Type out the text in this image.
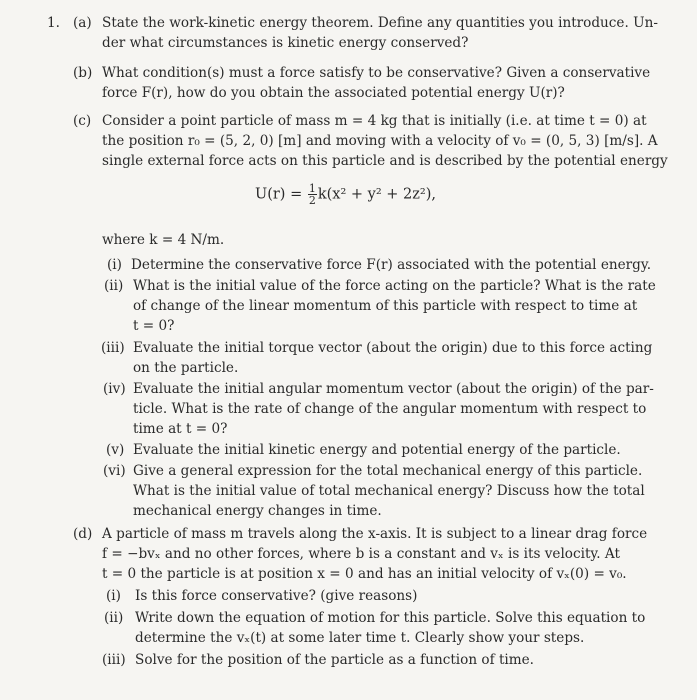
1. (a) State the work-kinetic energy theorem. Define any quantities you introduce. Un-
der what circumstances is kinetic energy conserved?
(b) What condition(s) must a force satisfy to be conservative? Given a conservative
force F(r), how do you obtain the associated potential energy U(r)?
(c) Consider a point particle of mass m = 4 kg that is initially (i.e. at time t = 0) at
the position r₀ = (5, 2, 0) [m] and moving with a velocity of v₀ = (0, 5, 3) [m/s]. A
single external force acts on this particle and is described by the potential energy
$U(r) = \frac{1}{2} k(x^2 + y^2 + 2z^2)$,
where k = 4 N/m.
(i) Determine the conservative force F(r) associated with the potential energy.
(ii) What is the initial value of the force acting on the particle? What is the rate
of change of the linear momentum of this particle with respect to time at
t = 0?
(iii) Evaluate the initial torque vector (about the origin) due to this force acting
on the particle.
(iv) Evaluate the initial angular momentum vector (about the origin) of the par-
ticle. What is the rate of change of the angular momentum with respect to
time at t = 0?
(v) Evaluate the initial kinetic energy and potential energy of the particle.
(vi) Give a general expression for the total mechanical energy of this particle.
What is the initial value of total mechanical energy? Discuss how the total
mechanical energy changes in time.
(d) A particle of mass m travels along the x-axis. It is subject to a linear drag force
f = −bvₓ and no other forces, where b is a constant and vₓ is its velocity. At
t = 0 the particle is at position x = 0 and has an initial velocity of vₓ(0) = v₀.
(i) Is this force conservative? (give reasons)
(ii) Write down the equation of motion for this particle. Solve this equation to
determine the vₓ(t) at some later time t. Clearly show your steps.
(iii) Solve for the position of the particle as a function of time.
